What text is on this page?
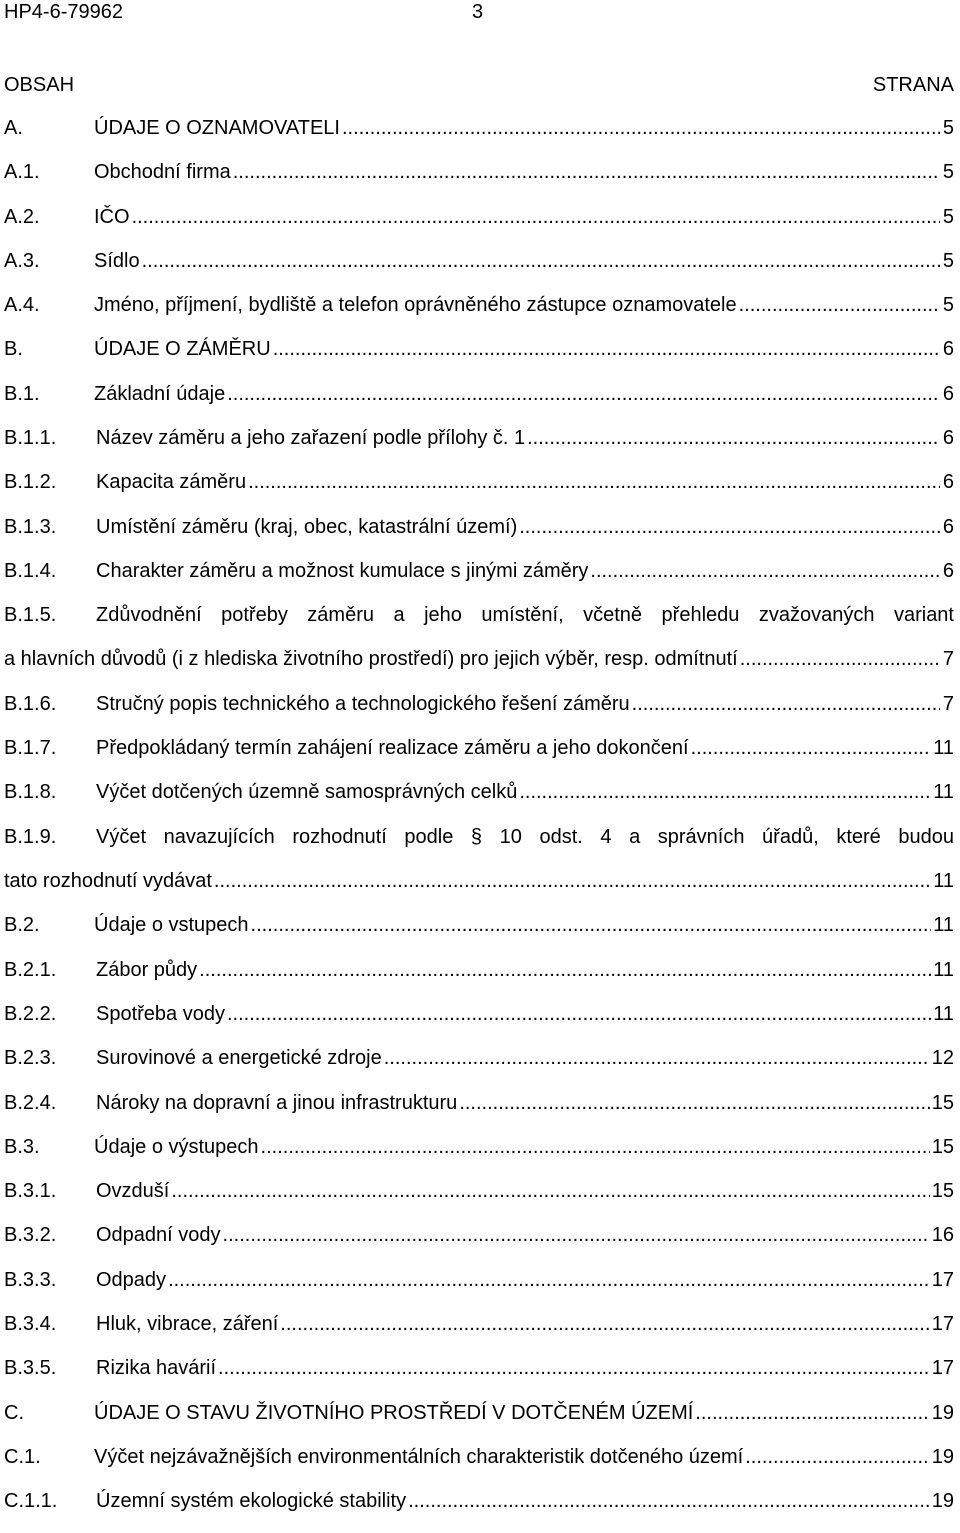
HP4-6-79962	3
OBSAH	STRANA
A.	ÚDAJE O OZNAMOVATELI .....	5
A.1.	Obchodní firma .....	5
A.2.	IČO .....	5
A.3.	Sídlo .....	5
A.4.	Jméno, příjmení, bydliště a telefon oprávněného zástupce oznamovatele .....	5
B.	ÚDAJE O ZÁMĚRU .....	6
B.1.	Základní údaje .....	6
B.1.1.	Název záměru a jeho zařazení podle přílohy č. 1 .....	6
B.1.2.	Kapacita záměru .....	6
B.1.3.	Umístění záměru (kraj, obec, katastrální území) .....	6
B.1.4.	Charakter záměru a možnost kumulace s jinými záměry .....	6
B.1.5.	Zdůvodnění potřeby záměru a jeho umístění, včetně přehledu zvažovaných variant
a hlavních důvodů (i z hlediska životního prostředí) pro jejich výběr, resp. odmítnutí .....	7
B.1.6.	Stručný popis technického a technologického řešení záměru .....	7
B.1.7.	Předpokládaný termín zahájení realizace záměru a jeho dokončení .....	11
B.1.8.	Výčet dotčených územně samosprávných celků .....	11
B.1.9.	Výčet navazujících rozhodnutí podle § 10 odst. 4 a správních úřadů, které budou
tato rozhodnutí vydávat .....	11
B.2.	Údaje o vstupech .....	11
B.2.1.	Zábor půdy .....	11
B.2.2.	Spotřeba vody .....	11
B.2.3.	Surovinové a energetické zdroje .....	12
B.2.4.	Nároky na dopravní a jinou infrastrukturu .....	15
B.3.	Údaje o výstupech .....	15
B.3.1.	Ovzduší .....	15
B.3.2.	Odpadní vody .....	16
B.3.3.	Odpady .....	17
B.3.4.	Hluk, vibrace, záření .....	17
B.3.5.	Rizika havárií .....	17
C.	ÚDAJE O STAVU ŽIVOTNÍHO PROSTŘEDÍ V DOTČENÉM ÚZEMÍ .....	19
C.1.	Výčet nejzávažnějších environmentálních charakteristik dotčeného území .....	19
C.1.1.	Územní systém ekologické stability .....	19
